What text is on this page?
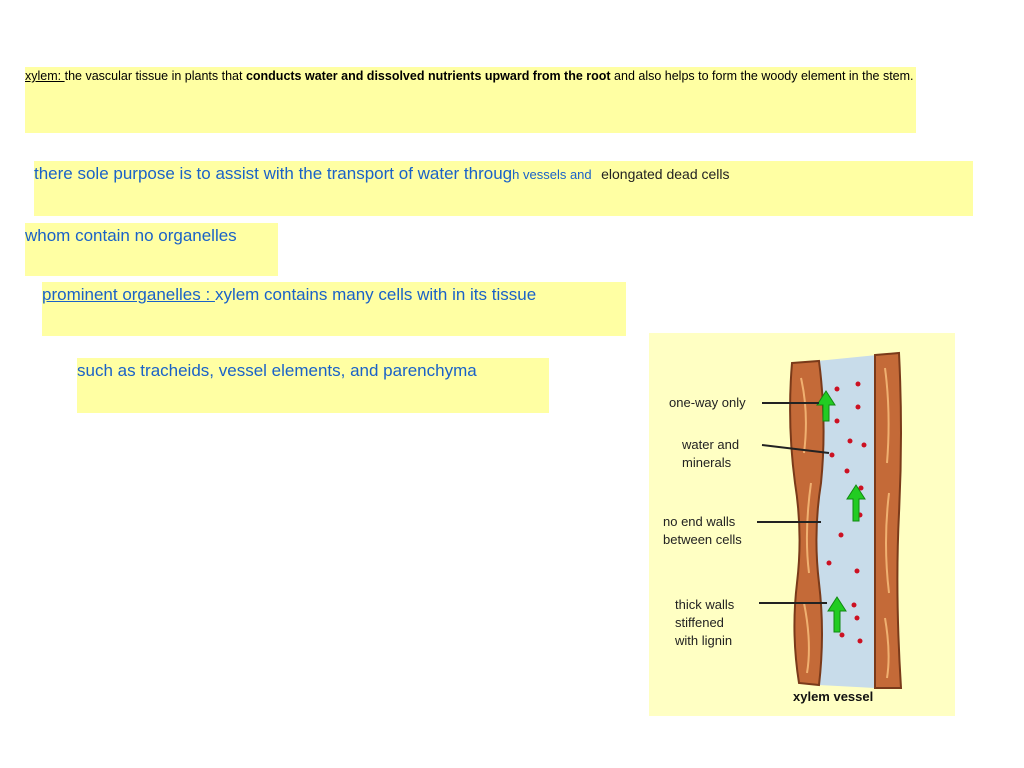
xylem: the vascular tissue in plants that conducts water and dissolved nutrients upward from the root and also helps to form the woody element in the stem.
there sole purpose is to assist with the transport of water through vessels and elongated dead cells
whom contain no organelles
prominent organelles : xylem contains many cells with in its tissue
such as tracheids, vessel elements, and parenchyma
one-way only
water and
minerals
no end walls
between cells
thick walls
stiffened
with lignin
xylem vessel
